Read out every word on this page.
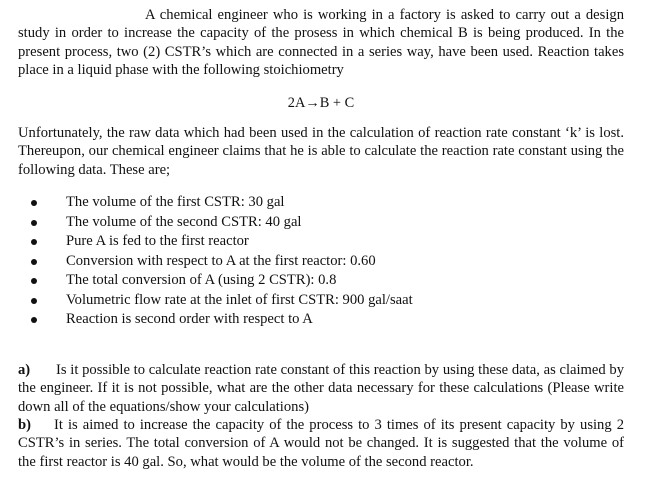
A chemical engineer who is working in a factory is asked to carry out a design study in order to increase the capacity of the prosess in which chemical B is being produced. In the present process, two (2) CSTR’s which are connected in a series way, have been used. Reaction takes place in a liquid phase with the following stoichiometry

2A→B + C

Unfortunately, the raw data which had been used in the calculation of reaction rate constant ‘k’ is lost. Thereupon, our chemical engineer claims that he is able to calculate the reaction rate constant using the following data. These are;

The volume of the first CSTR: 30 gal
The volume of the second CSTR: 40 gal
Pure A is fed to the first reactor
Conversion with respect to A at the first reactor: 0.60
The total conversion of A (using 2 CSTR): 0.8
Volumetric flow rate at the inlet of first CSTR: 900 gal/saat
Reaction is second order with respect to A

a) Is it possible to calculate reaction rate constant of this reaction by using these data, as claimed by the engineer. If it is not possible, what are the other data necessary for these calculations (Please write down all of the equations/show your calculations)

b) It is aimed to increase the capacity of the process to 3 times of its present capacity by using 2 CSTR’s in series. The total conversion of A would not be changed. It is suggested that the volume of the first reactor is 40 gal. So, what would be the volume of the second reactor.
